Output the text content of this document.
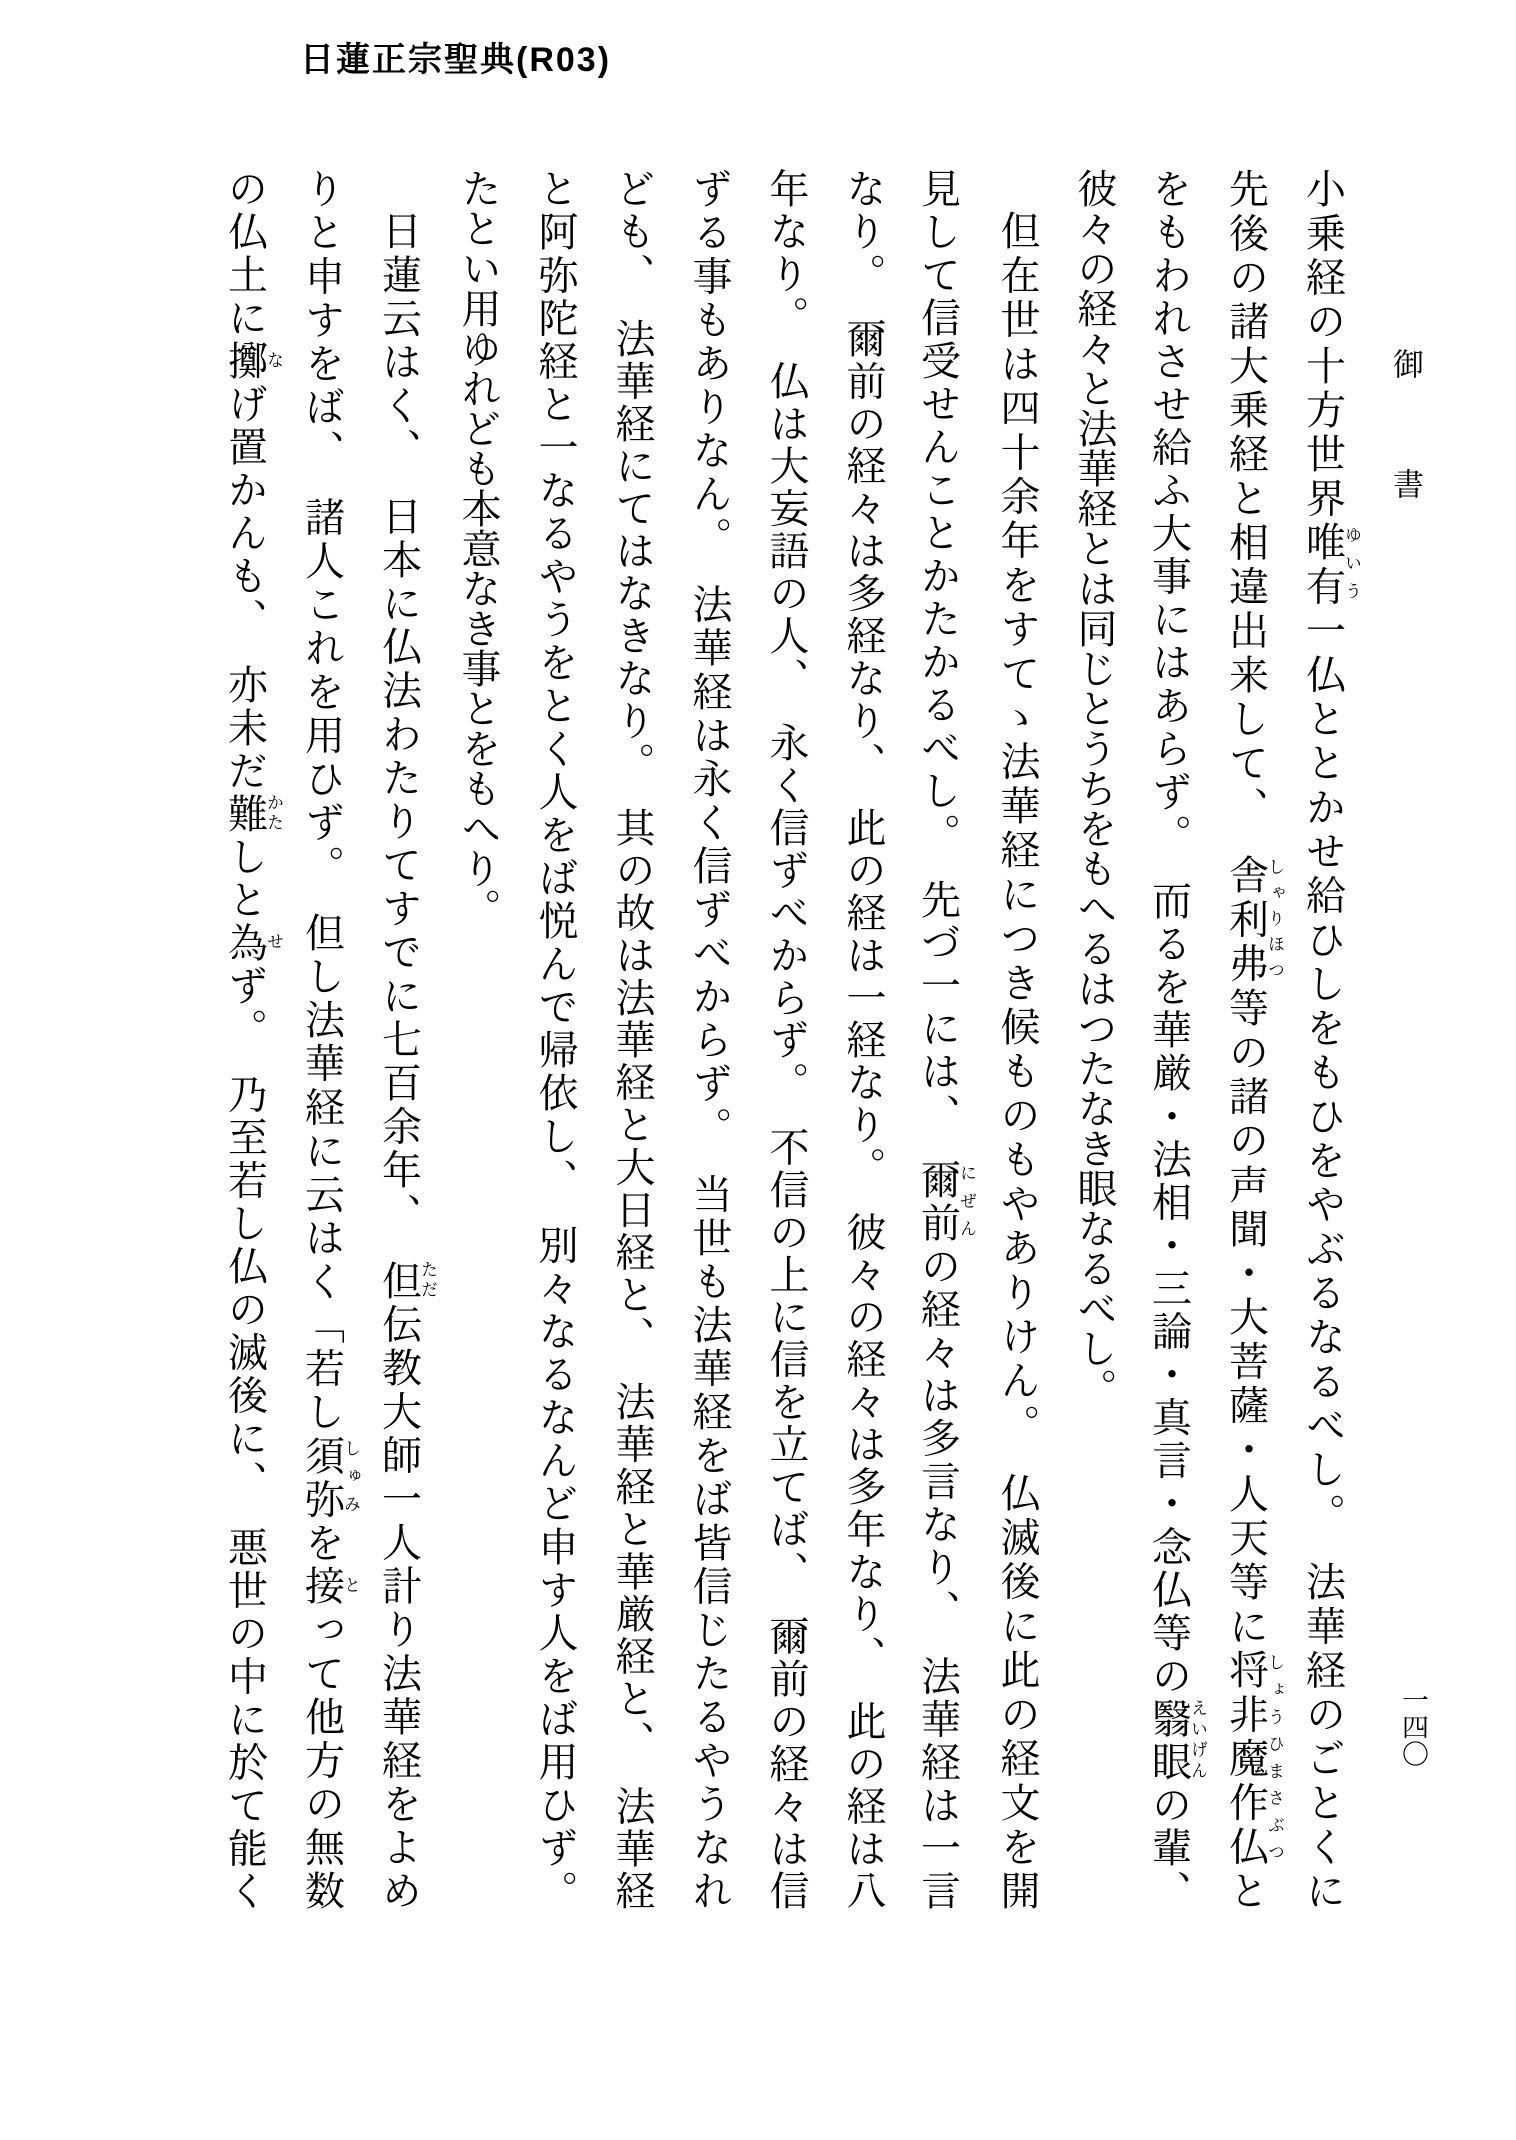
日蓮正宗聖典(R03)
御　書
一四〇
小乗経の十方世界唯有ゆいう一仏ととかせ給ひしをもひをやぶるなるべし。　法華経のごとくに
先後の諸大乗経と相違出来して、　舎利弗しゃりほつ等の諸の声聞・大菩薩・人天等に将非魔作仏しょうひまさぶつと
をもわれさせ給ふ大事にはあらず。　而るを華厳・法相・三論・真言・念仏等の翳眼えいげんの輩、
彼々の経々と法華経とは同じとうちをもへるはつたなき眼なるべし。
但在世は四十余年をすてゝ法華経につき候ものもやありけん。　仏滅後に此の経文を開
見して信受せんことかたかるべし。　先づ一には、　爾前にぜんの経々は多言なり、　法華経は一言
なり。　爾前の経々は多経なり、　此の経は一経なり。　彼々の経々は多年なり、　此の経は八
年なり。　仏は大妄語の人、　永く信ずべからず。　不信の上に信を立てば、　爾前の経々は信
ずる事もありなん。　法華経は永く信ずべからず。　当世も法華経をば皆信じたるやうなれ
ども、　法華経にてはなきなり。　其の故は法華経と大日経と、　法華経と華厳経と、　法華経
と阿弥陀経と一なるやうをとく人をば悦んで帰依し、　別々なるなんど申す人をば用ひず。
たとい用ゆれども本意なき事とをもへり。
日蓮云はく、　日本に仏法わたりてすでに七百余年、　但ただ伝教大師一人計り法華経をよめ
りと申すをば、　諸人これを用ひず。　但し法華経に云はく「若し須弥しゅみを接とって他方の無数
の仏土に擲なげ置かんも、　亦未だ難かたしと為せず。　乃至若し仏の滅後に、　悪世の中に於て能く
